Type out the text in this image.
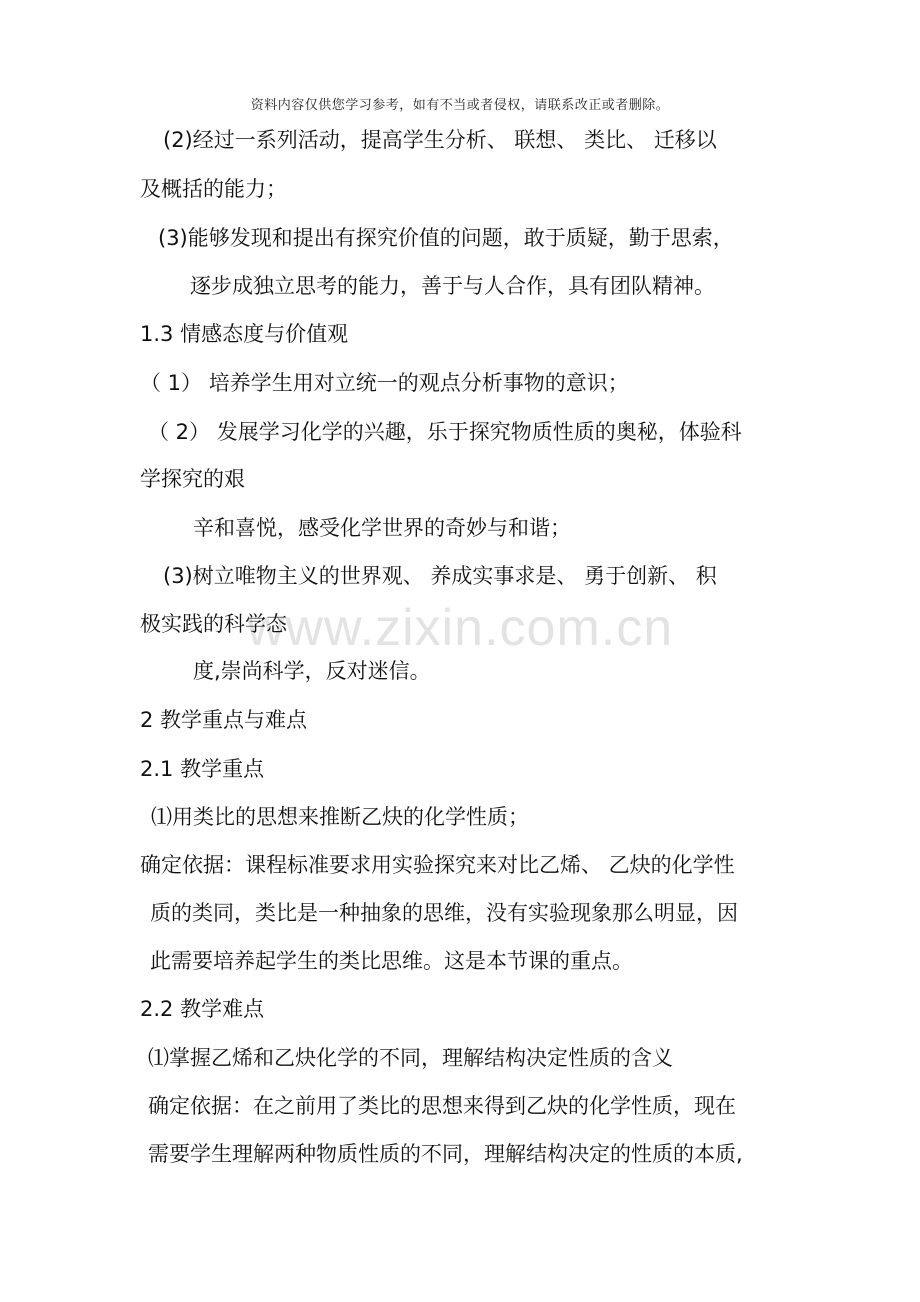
资料内容仅供您学习参考，如有不当或者侵权，请联系改正或者删除。
www.zixin.com.cn
(2)经过一系列活动，提高学生分析、 联想、 类比、 迁移以
及概括的能力；
(3)能够发现和提出有探究价值的问题，敢于质疑，勤于思索，
逐步成独立思考的能力，善于与人合作，具有团队精神。
1.3 情感态度与价值观
（ 1） 培养学生用对立统一的观点分析事物的意识；
（ 2） 发展学习化学的兴趣，乐于探究物质性质的奥秘，体验科
学探究的艰
辛和喜悦，感受化学世界的奇妙与和谐；
(3)树立唯物主义的世界观、 养成实事求是、 勇于创新、 积
极实践的科学态
度,崇尚科学，反对迷信。
2 教学重点与难点
2.1 教学重点
⑴用类比的思想来推断乙炔的化学性质；
确定依据：课程标准要求用实验探究来对比乙烯、 乙炔的化学性
质的类同，类比是一种抽象的思维，没有实验现象那么明显，因
此需要培养起学生的类比思维。这是本节课的重点。
2.2 教学难点
⑴掌握乙烯和乙炔化学的不同，理解结构决定性质的含义
确定依据：在之前用了类比的思想来得到乙炔的化学性质，现在
需要学生理解两种物质性质的不同，理解结构决定的性质的本质,
